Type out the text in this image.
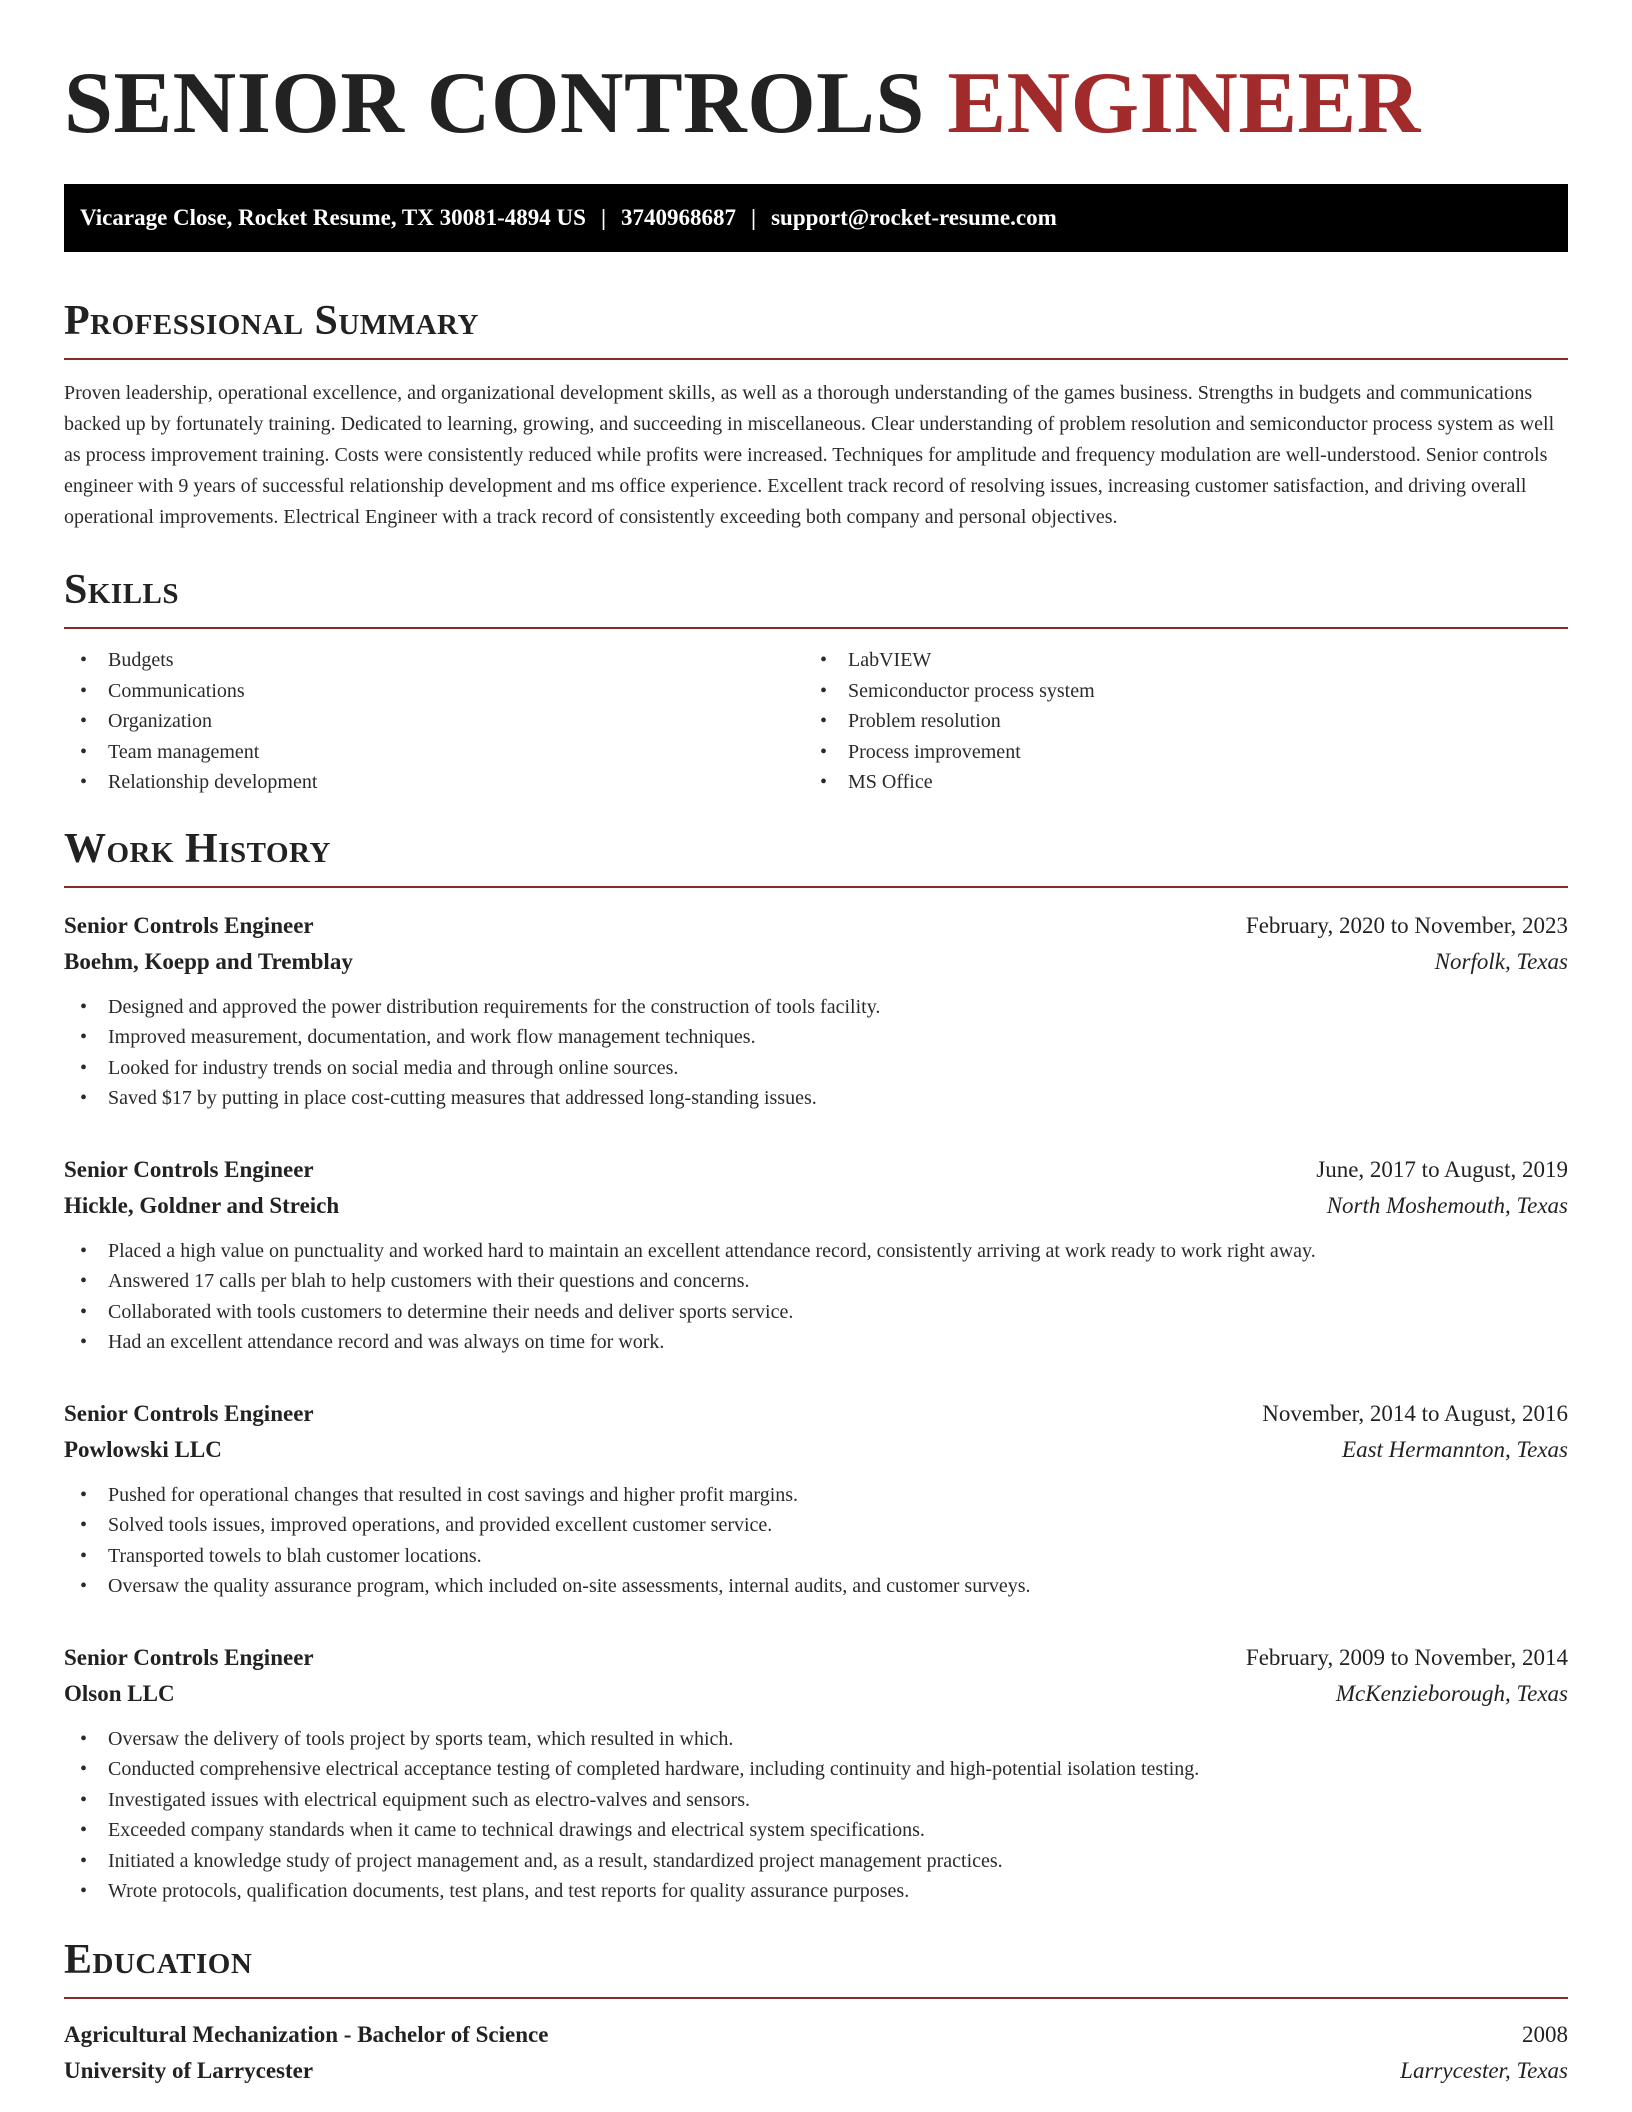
SENIOR CONTROLS ENGINEER
Vicarage Close, Rocket Resume, TX 30081-4894 US | 3740968687 | support@rocket-resume.com
Professional Summary

Proven leadership, operational excellence, and organizational development skills, as well as a thorough understanding of the games business. Strengths in budgets and communications backed up by fortunately training. Dedicated to learning, growing, and succeeding in miscellaneous. Clear understanding of problem resolution and semiconductor process system as well as process improvement training. Costs were consistently reduced while profits were increased. Techniques for amplitude and frequency modulation are well-understood. Senior controls engineer with 9 years of successful relationship development and ms office experience. Excellent track record of resolving issues, increasing customer satisfaction, and driving overall operational improvements. Electrical Engineer with a track record of consistently exceeding both company and personal objectives.

Skills
• Budgets
• Communications
• Organization
• Team management
• Relationship development
• LabVIEW
• Semiconductor process system
• Problem resolution
• Process improvement
• MS Office
Work History
Senior Controls Engineer	February, 2020 to November, 2023
Boehm, Koepp and Tremblay	Norfolk, Texas
• Designed and approved the power distribution requirements for the construction of tools facility.
• Improved measurement, documentation, and work flow management techniques.
• Looked for industry trends on social media and through online sources.
• Saved $17 by putting in place cost-cutting measures that addressed long-standing issues.
Senior Controls Engineer	June, 2017 to August, 2019
Hickle, Goldner and Streich	North Moshemouth, Texas
• Placed a high value on punctuality and worked hard to maintain an excellent attendance record, consistently arriving at work ready to work right away.
• Answered 17 calls per blah to help customers with their questions and concerns.
• Collaborated with tools customers to determine their needs and deliver sports service.
• Had an excellent attendance record and was always on time for work.
Senior Controls Engineer	November, 2014 to August, 2016
Powlowski LLC	East Hermannton, Texas
• Pushed for operational changes that resulted in cost savings and higher profit margins.
• Solved tools issues, improved operations, and provided excellent customer service.
• Transported towels to blah customer locations.
• Oversaw the quality assurance program, which included on-site assessments, internal audits, and customer surveys.
Senior Controls Engineer	February, 2009 to November, 2014
Olson LLC	McKenzieborough, Texas
• Oversaw the delivery of tools project by sports team, which resulted in which.
• Conducted comprehensive electrical acceptance testing of completed hardware, including continuity and high-potential isolation testing.
• Investigated issues with electrical equipment such as electro-valves and sensors.
• Exceeded company standards when it came to technical drawings and electrical system specifications.
• Initiated a knowledge study of project management and, as a result, standardized project management practices.
• Wrote protocols, qualification documents, test plans, and test reports for quality assurance purposes.
Education
Agricultural Mechanization - Bachelor of Science	2008
University of Larrycester	Larrycester, Texas
